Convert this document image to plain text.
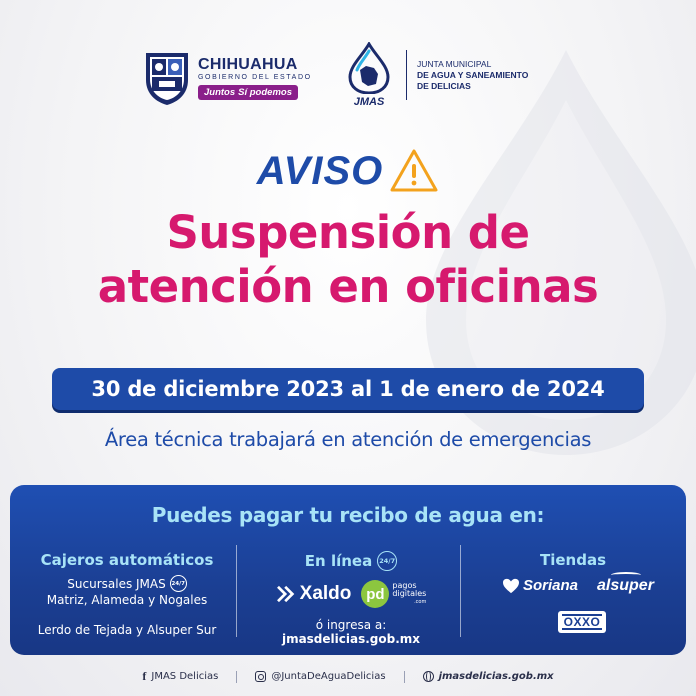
CHIHUAHUA
GOBIERNO DEL ESTADO
Juntos Sí podemos
JMAS
JUNTA MUNICIPAL
DE AGUA Y SANEAMIENTO
DE DELICIAS
AVISO
Suspensión de
atención en oficinas
30 de diciembre 2023 al 1 de enero de 2024
Área técnica trabajará en atención de emergencias
Puedes pagar tu recibo de agua en:
Cajeros automáticos
Sucursales JMAS	24/7
Matriz, Alameda y Nogales
Lerdo de Tejada y Alsuper Sur
En línea	24/7
Xaldo pd pagos
digitales
.com
ó ingresa a: jmasdelicias.gob.mx
Tiendas
Soriana alsuper
OXXO
f JMAS Delicias	@JuntaDeAguaDelicias	jmasdelicias.gob.mx
